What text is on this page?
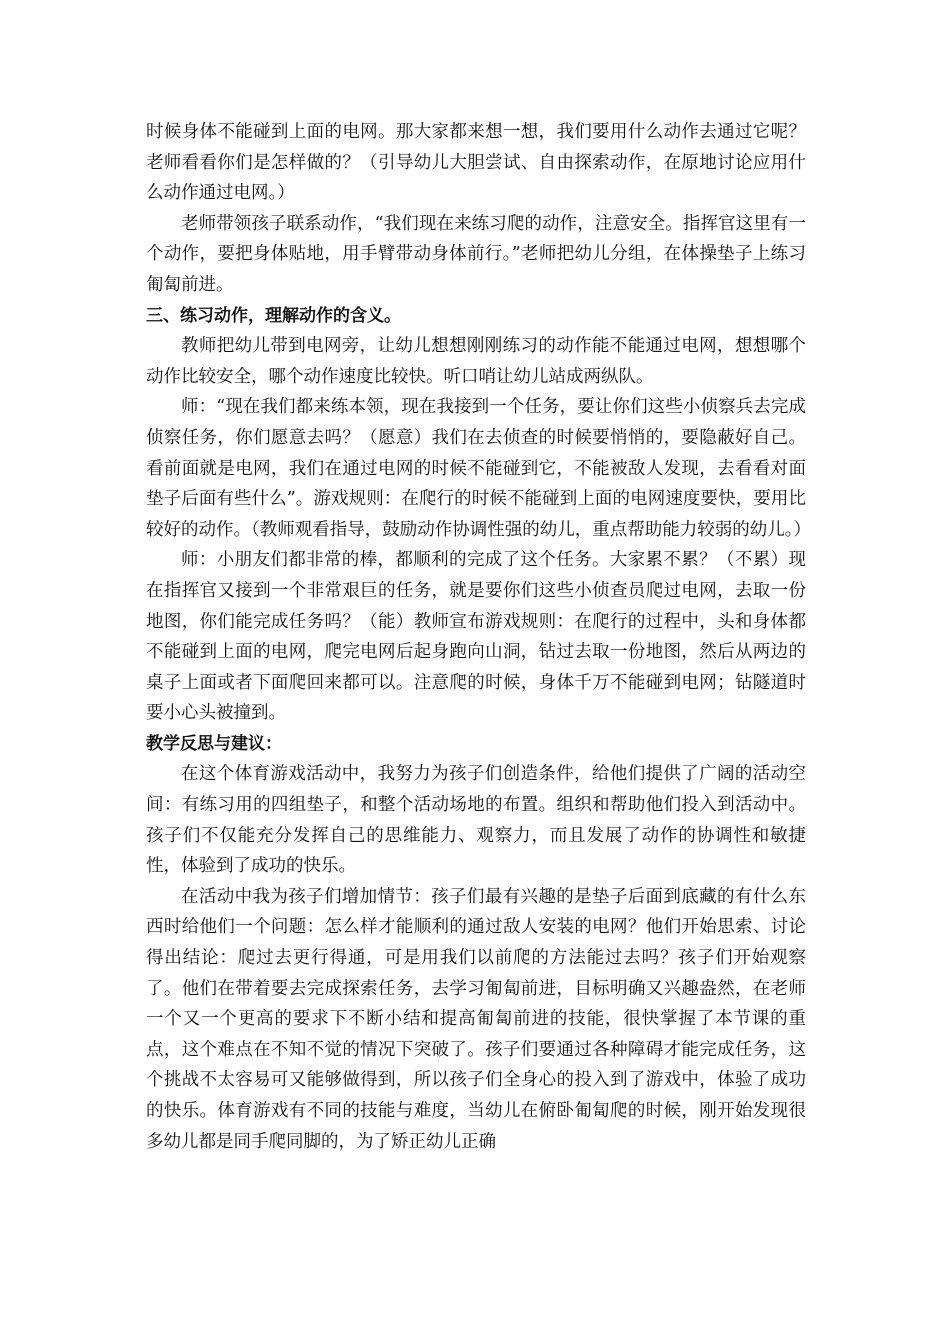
时候身体不能碰到上面的电网。那大家都来想一想，我们要用什么动作去通过它呢？老师看看你们是怎样做的？（引导幼儿大胆尝试、自由探索动作，在原地讨论应用什么动作通过电网。）

老师带领孩子联系动作，“我们现在来练习爬的动作，注意安全。指挥官这里有一个动作，要把身体贴地，用手臂带动身体前行。”老师把幼儿分组，在体操垫子上练习匍匐前进。

三、练习动作，理解动作的含义。

教师把幼儿带到电网旁，让幼儿想想刚刚练习的动作能不能通过电网，想想哪个动作比较安全，哪个动作速度比较快。听口哨让幼儿站成两纵队。

师：“现在我们都来练本领，现在我接到一个任务，要让你们这些小侦察兵去完成侦察任务，你们愿意去吗？（愿意）我们在去侦查的时候要悄悄的，要隐蔽好自己。看前面就是电网，我们在通过电网的时候不能碰到它，不能被敌人发现，去看看对面垫子后面有些什么”。游戏规则：在爬行的时候不能碰到上面的电网速度要快，要用比较好的动作。（教师观看指导，鼓励动作协调性强的幼儿，重点帮助能力较弱的幼儿。）

师：小朋友们都非常的棒，都顺利的完成了这个任务。大家累不累？（不累）现在指挥官又接到一个非常艰巨的任务，就是要你们这些小侦查员爬过电网，去取一份地图，你们能完成任务吗？（能）教师宣布游戏规则：在爬行的过程中，头和身体都不能碰到上面的电网，爬完电网后起身跑向山洞，钻过去取一份地图，然后从两边的桌子上面或者下面爬回来都可以。注意爬的时候，身体千万不能碰到电网；钻隧道时要小心头被撞到。

教学反思与建议：

在这个体育游戏活动中，我努力为孩子们创造条件，给他们提供了广阔的活动空间：有练习用的四组垫子，和整个活动场地的布置。组织和帮助他们投入到活动中。孩子们不仅能充分发挥自己的思维能力、观察力，而且发展了动作的协调性和敏捷性，体验到了成功的快乐。

在活动中我为孩子们增加情节：孩子们最有兴趣的是垫子后面到底藏的有什么东西时给他们一个问题：怎么样才能顺利的通过敌人安装的电网？他们开始思索、讨论得出结论：爬过去更行得通，可是用我们以前爬的方法能过去吗？孩子们开始观察了。他们在带着要去完成探索任务，去学习匍匐前进，目标明确又兴趣盎然，在老师一个又一个更高的要求下不断小结和提高匍匐前进的技能，很快掌握了本节课的重点，这个难点在不知不觉的情况下突破了。孩子们要通过各种障碍才能完成任务，这个挑战不太容易可又能够做得到，所以孩子们全身心的投入到了游戏中，体验了成功的快乐。体育游戏有不同的技能与难度，当幼儿在俯卧匍匐爬的时候，刚开始发现很多幼儿都是同手爬同脚的，为了矫正幼儿正确
